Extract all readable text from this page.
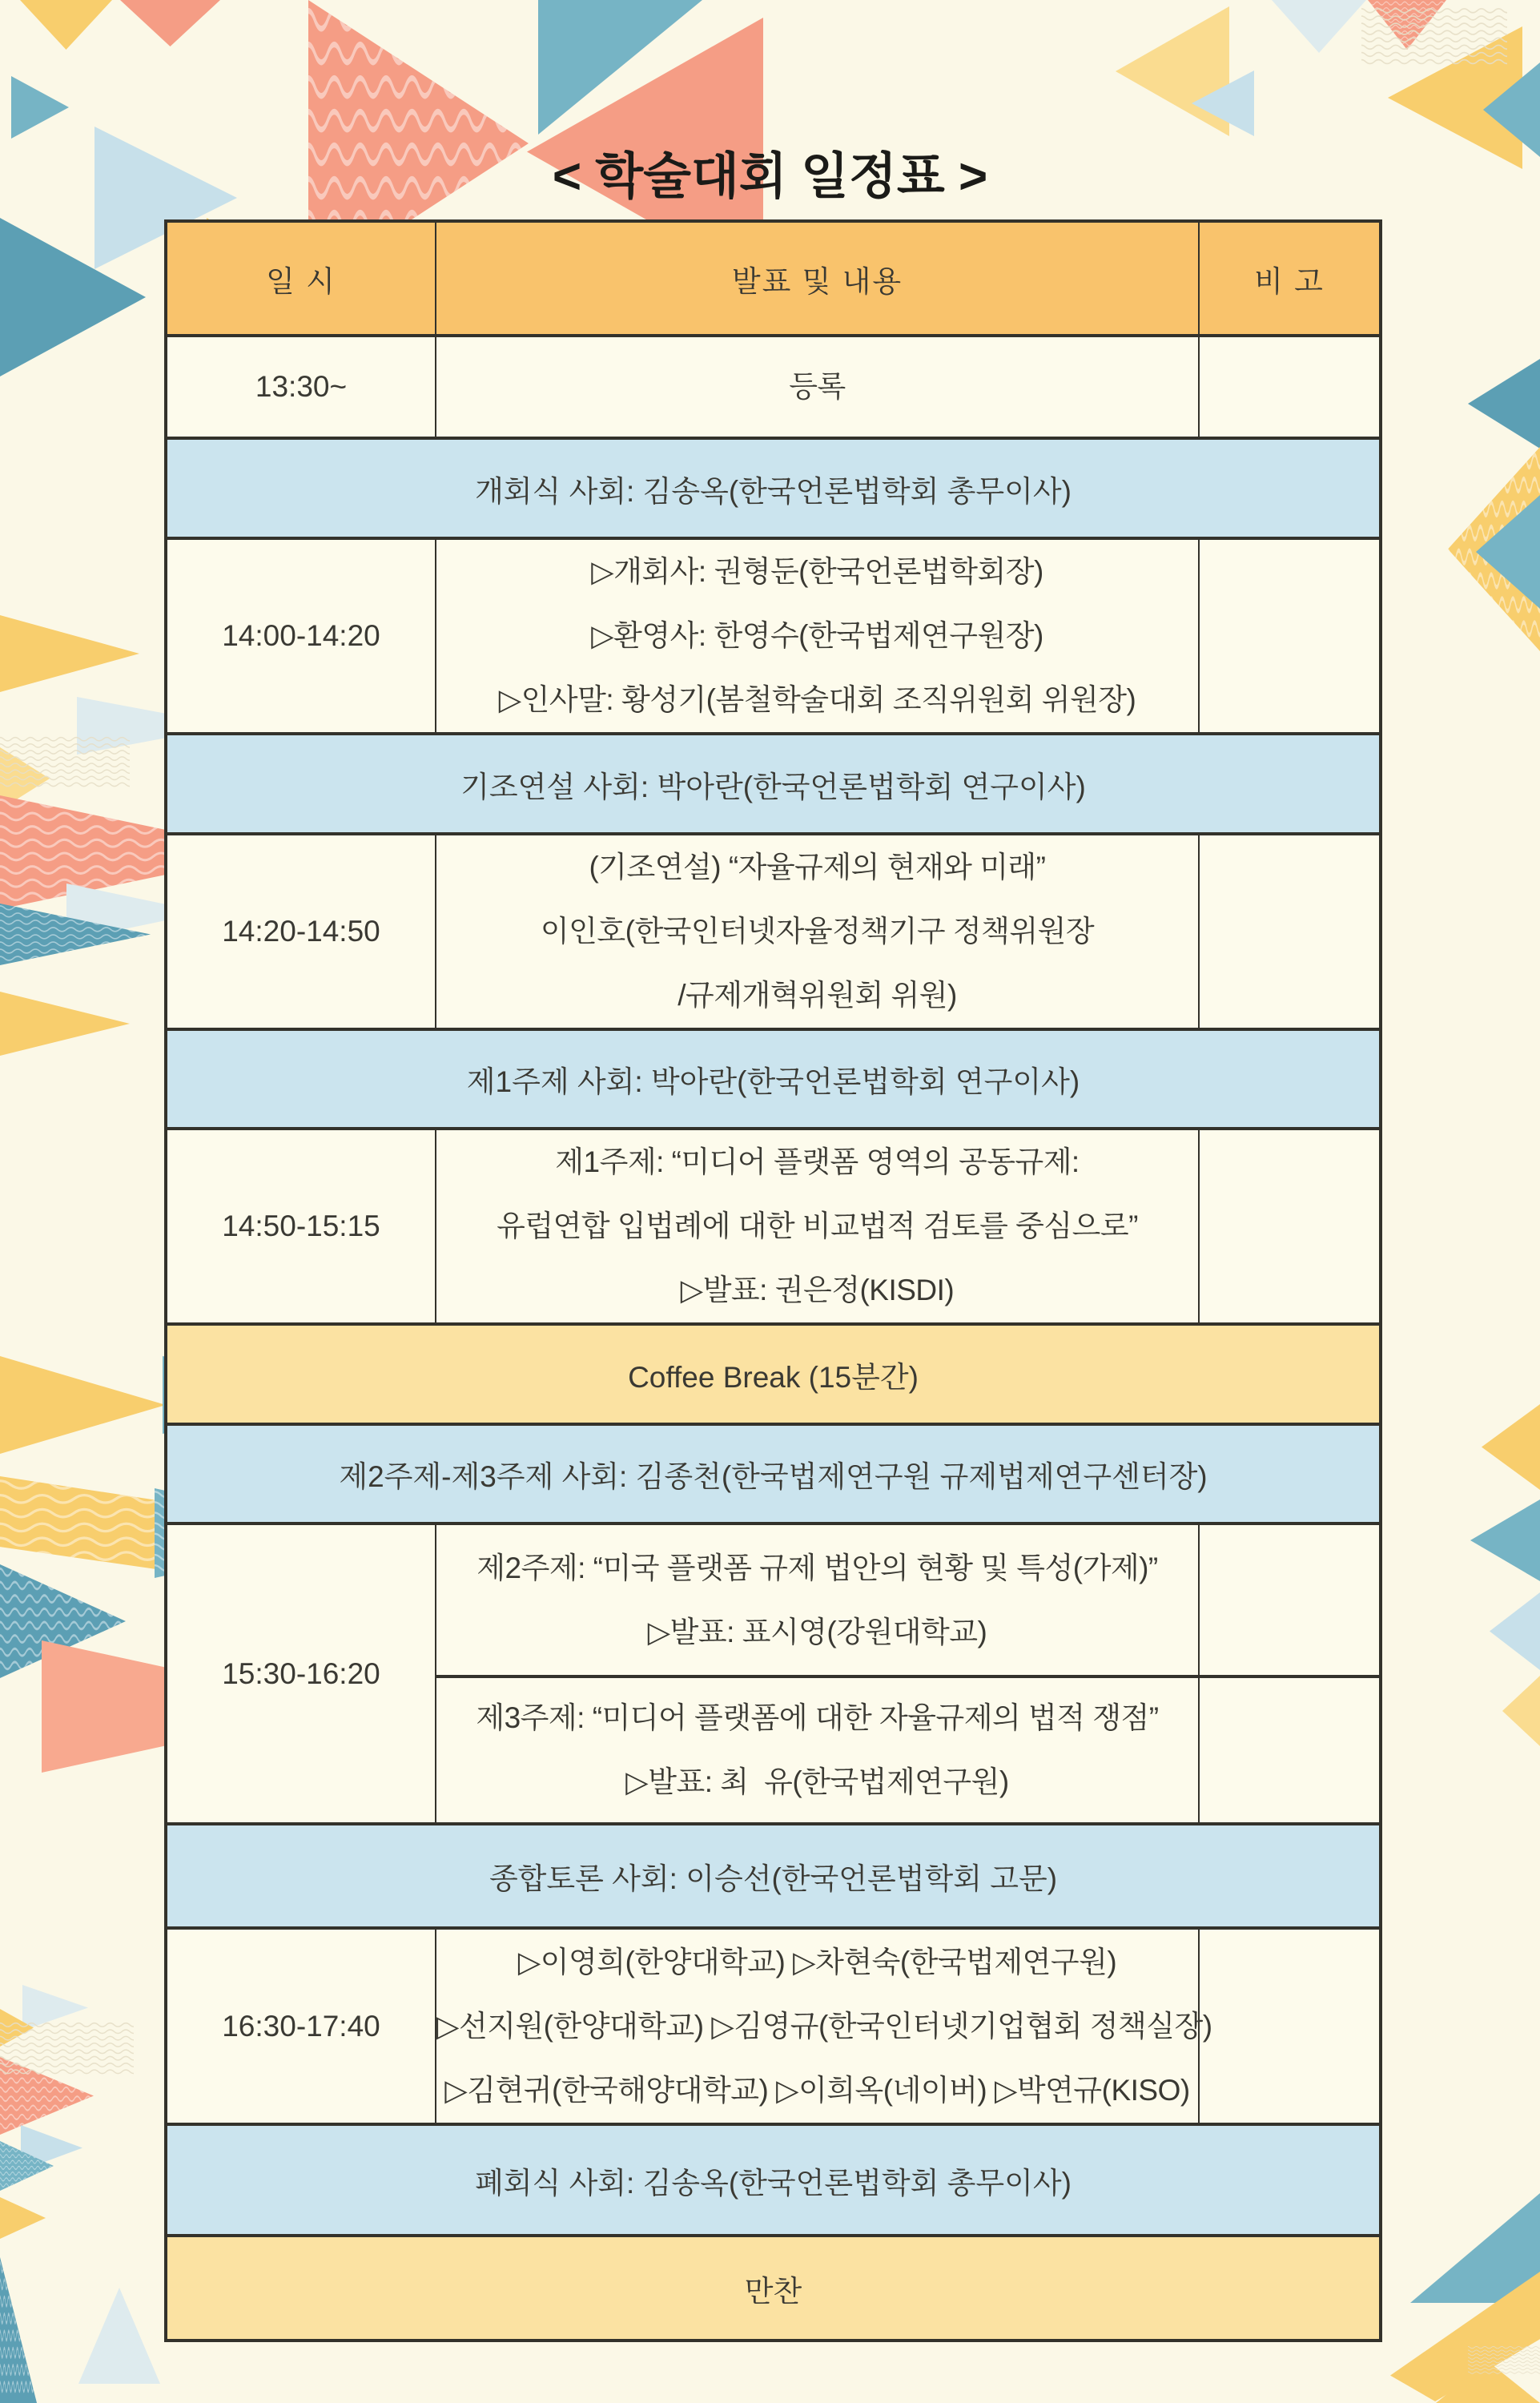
< 학술대회 일정표 >
일 시	발표 및 내용	비 고
13:30~	등록	

개회식 사회: 김송옥(한국언론법학회 총무이사)		
14:00-14:20	▷개회사: 권형둔(한국언론법학회장)
▷환영사: 한영수(한국법제연구원장)
▷인사말: 황성기(봄철학술대회 조직위원회 위원장)	

기조연설 사회: 박아란(한국언론법학회 연구이사)		
14:20-14:50	(기조연설) “자율규제의 현재와 미래”
이인호(한국인터넷자율정책기구 정책위원장
/규제개혁위원회 위원)	

제1주제 사회: 박아란(한국언론법학회 연구이사)		
14:50-15:15	제1주제: “미디어 플랫폼 영역의 공동규제:
유럽연합 입법례에 대한 비교법적 검토를 중심으로”
▷발표: 권은정(KISDI)	

Coffee Break (15분간)		
제2주제-제3주제 사회: 김종천(한국법제연구원 규제법제연구센터장)		
15:30-16:20	제2주제: “미국 플랫폼 규제 법안의 현황 및 특성(가제)”
▷발표: 표시영(강원대학교)	

	제3주제: “미디어 플랫폼에 대한 자율규제의 법적 쟁점”
▷발표: 최  유(한국법제연구원)	

종합토론 사회: 이승선(한국언론법학회 고문)		
16:30-17:40	▷이영희(한양대학교) ▷차현숙(한국법제연구원)
▷선지원(한양대학교) ▷김영규(한국인터넷기업협회 정책실장)
▷김현귀(한국해양대학교) ▷이희옥(네이버) ▷박연규(KISO)	

폐회식 사회: 김송옥(한국언론법학회 총무이사)		
만찬		
